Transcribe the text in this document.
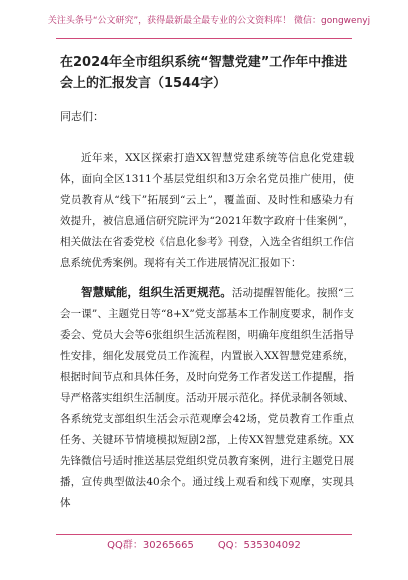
关注头条号“公文研究”，获得最新最全最专业的公文资料库！ 微信：gongwenyj
在2024年全市组织系统“智慧党建”工作年中推进会上的汇报发言（1544字）
同志们：

近年来，XX区探索打造XX智慧党建系统等信息化党建载体，面向全区1311个基层党组织和3万余名党员推广使用，使党员教育从“线下”拓展到“云上”，覆盖面、及时性和感染力有效提升，被信息通信研究院评为“2021年数字政府十佳案例”，相关做法在省委党校《信息化参考》刊登，入选全省组织工作信息系统优秀案例。现将有关工作进展情况汇报如下：

智慧赋能，组织生活更规范。活动提醒智能化。按照“三会一课”、主题党日等“8+X”党支部基本工作制度要求，制作支委会、党员大会等6张组织生活流程图，明确年度组织生活指导性安排，细化发展党员工作流程，内置嵌入XX智慧党建系统，根据时间节点和具体任务，及时向党务工作者发送工作提醒，指导严格落实组织生活制度。活动开展示范化。择优录制各领域、各系统党支部组织生活会示范观摩会42场，党员教育工作重点任务、关键环节情境模拟短剧2部，上传XX智慧党建系统。XX先锋微信号适时推送基层党组织党员教育案例，进行主题党日展播，宣传典型做法40余个。通过线上观看和线下观摩，实现具体

QQ群：30265665 QQ：535304092
